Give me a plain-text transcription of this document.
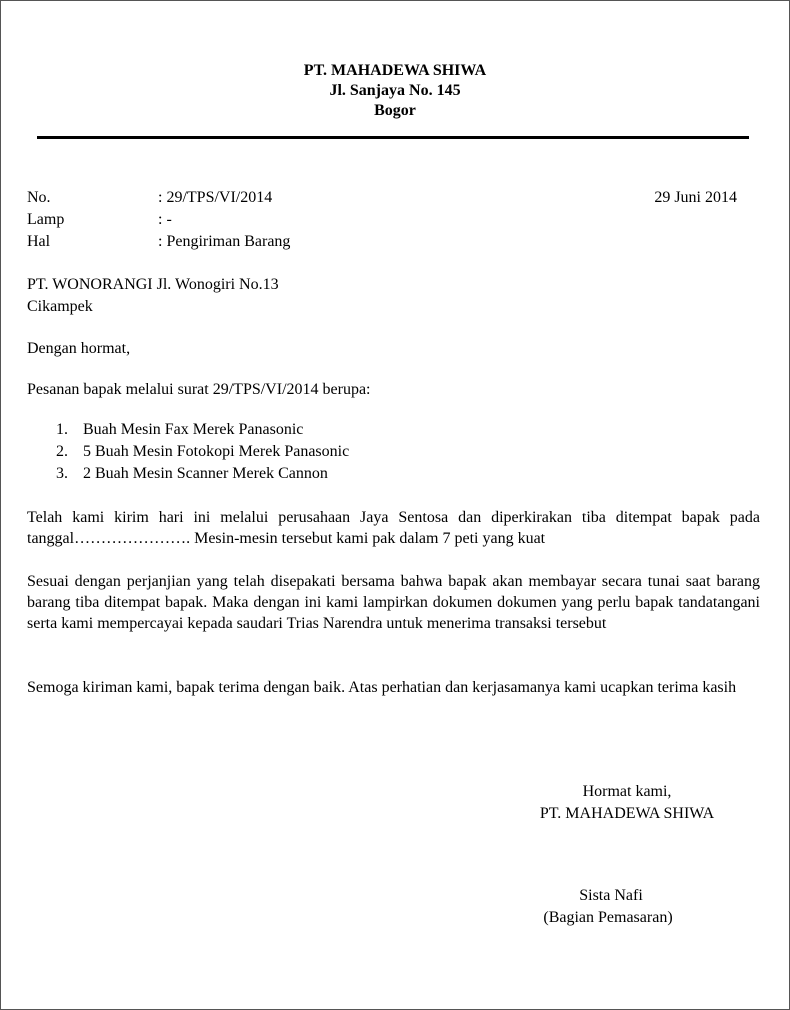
PT. MAHADEWA SHIWA
Jl. Sanjaya No. 145
Bogor
No.	: 29/TPS/VI/2014	29 Juni 2014
Lamp	: -
Hal	: Pengiriman Barang
PT. WONORANGI Jl. Wonogiri No.13
Cikampek
Dengan hormat,
Pesanan bapak melalui surat 29/TPS/VI/2014 berupa:
1. Buah Mesin Fax Merek Panasonic
2. 5 Buah Mesin Fotokopi Merek Panasonic
3. 2 Buah Mesin Scanner Merek Cannon
Telah kami kirim hari ini melalui perusahaan Jaya Sentosa dan diperkirakan tiba ditempat bapak pada tanggal…………………. Mesin-mesin tersebut kami pak dalam 7 peti yang kuat
Sesuai dengan perjanjian yang telah disepakati bersama bahwa bapak akan membayar secara tunai saat barang barang tiba ditempat bapak. Maka dengan ini kami lampirkan dokumen dokumen yang perlu bapak tandatangani serta kami mempercayai kepada saudari Trias Narendra untuk menerima transaksi tersebut
Semoga kiriman kami, bapak terima dengan baik. Atas perhatian dan kerjasamanya kami ucapkan terima kasih
Hormat kami,
PT. MAHADEWA SHIWA
Sista Nafi
(Bagian Pemasaran)
